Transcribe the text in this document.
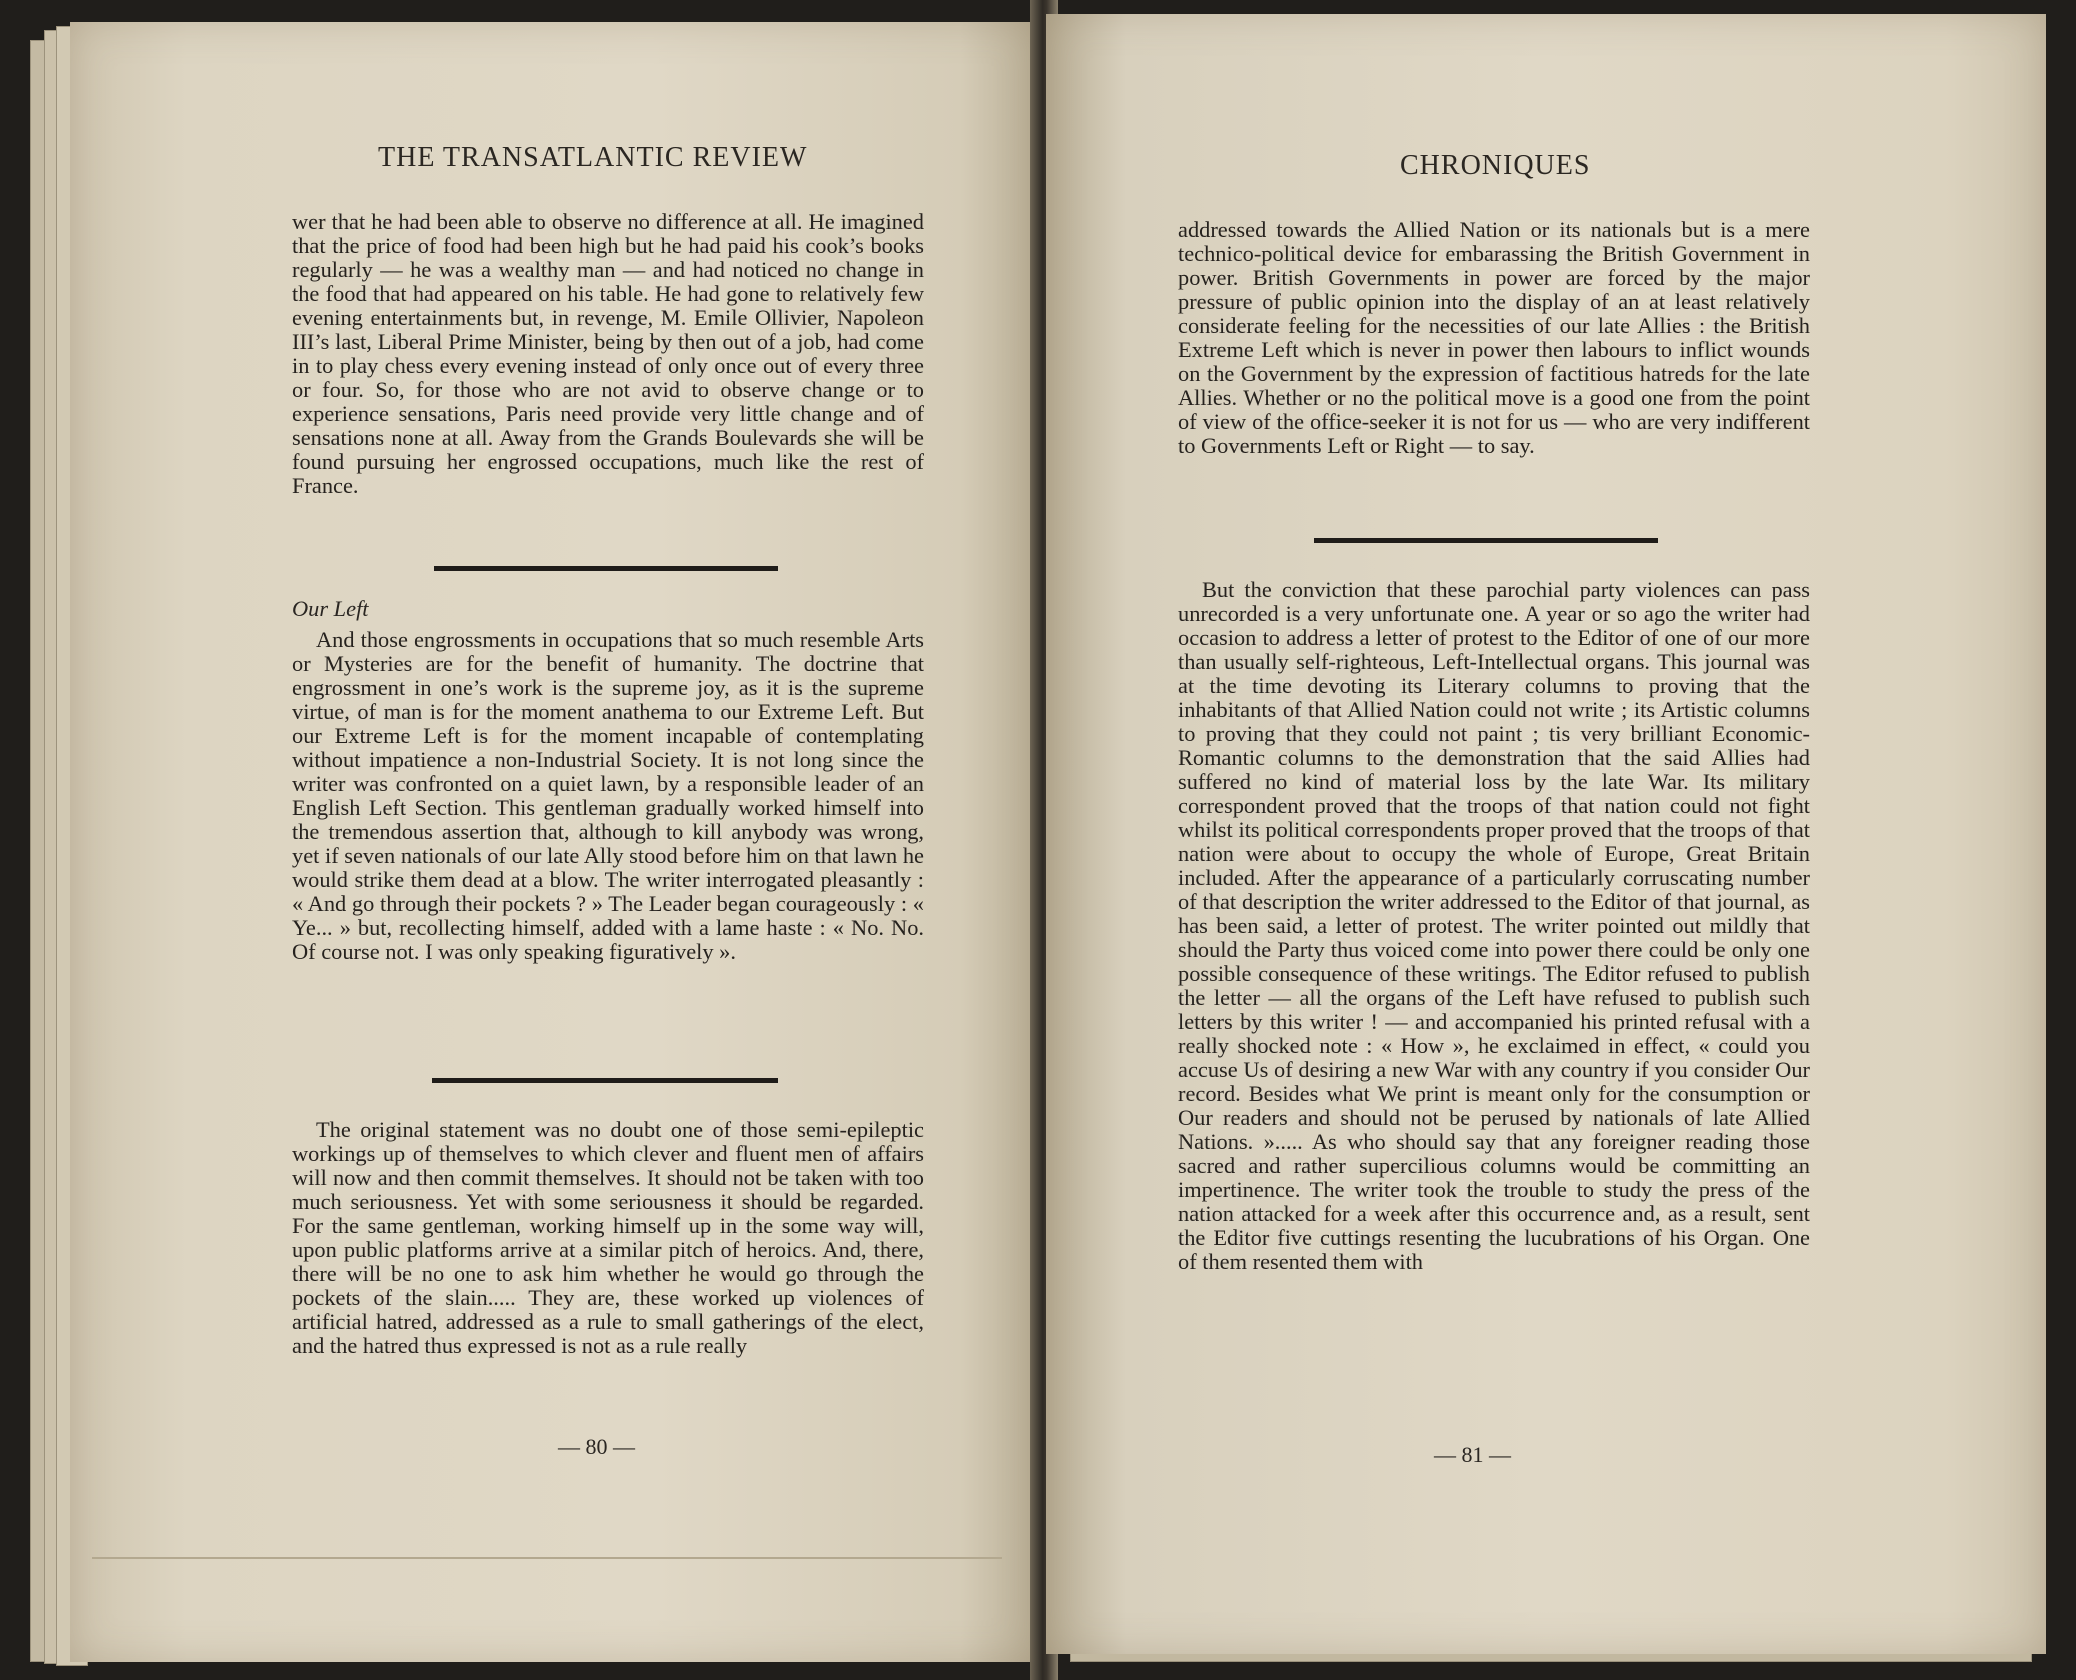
THE TRANSATLANTIC REVIEW

wer that he had been able to observe no difference at all. He imagined that the price of food had been high but he had paid his cook’s books regularly — he was a wealthy man — and had noticed no change in the food that had appeared on his table. He had gone to relatively few evening entertainments but, in revenge, M. Emile Ollivier, Napoleon III’s last, Liberal Prime Minister, being by then out of a job, had come in to play chess every evening instead of only once out of every three or four. So, for those who are not avid to observe change or to experience sensations, Paris need provide very little change and of sensations none at all. Away from the Grands Boulevards she will be found pursuing her engrossed occupations, much like the rest of France.

Our Left

And those engrossments in occupations that so much resemble Arts or Mysteries are for the benefit of humanity. The doctrine that engrossment in one’s work is the supreme joy, as it is the supreme virtue, of man is for the moment anathema to our Extreme Left. But our Extreme Left is for the moment incapable of contemplating without impatience a non-Industrial Society. It is not long since the writer was confronted on a quiet lawn, by a responsible leader of an English Left Section. This gentleman gradually worked himself into the tremendous assertion that, although to kill anybody was wrong, yet if seven nationals of our late Ally stood before him on that lawn he would strike them dead at a blow. The writer interrogated pleasantly : « And go through their pockets ? » The Leader began courageously : « Ye... » but, recollecting himself, added with a lame haste : « No. No. Of course not. I was only speaking figuratively ».

The original statement was no doubt one of those semi-epileptic workings up of themselves to which clever and fluent men of affairs will now and then commit themselves. It should not be taken with too much seriousness. Yet with some seriousness it should be regarded. For the same gentleman, working himself up in the some way will, upon public platforms arrive at a similar pitch of heroics. And, there, there will be no one to ask him whether he would go through the pockets of the slain..... They are, these worked up violences of artificial hatred, addressed as a rule to small gatherings of the elect, and the hatred thus expressed is not as a rule really

— 80 —
CHRONIQUES

addressed towards the Allied Nation or its nationals but is a mere technico-political device for embarassing the British Government in power. British Governments in power are forced by the major pressure of public opinion into the display of an at least relatively considerate feeling for the necessities of our late Allies : the British Extreme Left which is never in power then labours to inflict wounds on the Government by the expression of factitious hatreds for the late Allies. Whether or no the political move is a good one from the point of view of the office-seeker it is not for us — who are very indifferent to Governments Left or Right — to say.

But the conviction that these parochial party violences can pass unrecorded is a very unfortunate one. A year or so ago the writer had occasion to address a letter of protest to the Editor of one of our more than usually self-righteous, Left-Intellectual organs. This journal was at the time devoting its Literary columns to proving that the inhabitants of that Allied Nation could not write ; its Artistic columns to proving that they could not paint ; tis very brilliant Economic-Romantic columns to the demonstration that the said Allies had suffered no kind of material loss by the late War. Its military correspondent proved that the troops of that nation could not fight whilst its political correspondents proper proved that the troops of that nation were about to occupy the whole of Europe, Great Britain included. After the appearance of a particularly corruscating number of that description the writer addressed to the Editor of that journal, as has been said, a letter of protest. The writer pointed out mildly that should the Party thus voiced come into power there could be only one possible consequence of these writings. The Editor refused to publish the letter — all the organs of the Left have refused to publish such letters by this writer ! — and accompanied his printed refusal with a really shocked note : « How », he exclaimed in effect, « could you accuse Us of desiring a new War with any country if you consider Our record. Besides what We print is meant only for the consumption or Our readers and should not be perused by nationals of late Allied Nations. »..... As who should say that any foreigner reading those sacred and rather supercilious columns would be committing an impertinence. The writer took the trouble to study the press of the nation attacked for a week after this occurrence and, as a result, sent the Editor five cuttings resenting the lucubrations of his Organ. One of them resented them with

— 81 —
